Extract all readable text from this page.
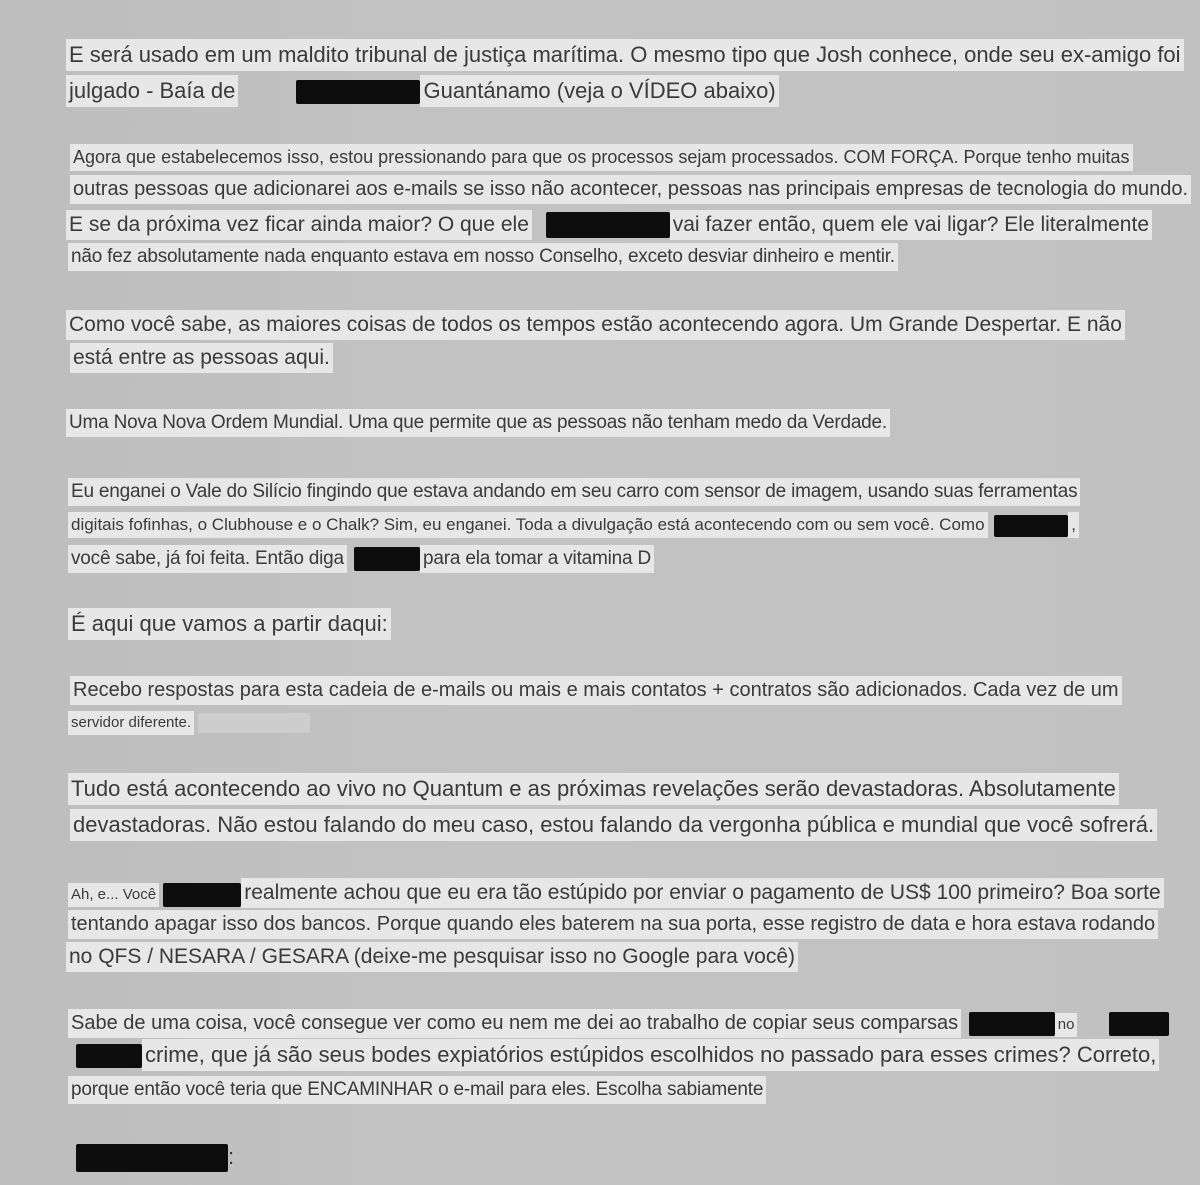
E será usado em um maldito tribunal de justiça marítima. O mesmo tipo que Josh conhece, onde seu ex-amigo foi
julgado - Baía de	Guantánamo (veja o VÍDEO abaixo)
Agora que estabelecemos isso, estou pressionando para que os processos sejam processados. COM FORÇA. Porque tenho muitas
outras pessoas que adicionarei aos e-mails se isso não acontecer, pessoas nas principais empresas de tecnologia do mundo.
E se da próxima vez ficar ainda maior? O que ele	vai fazer então, quem ele vai ligar? Ele literalmente
não fez absolutamente nada enquanto estava em nosso Conselho, exceto desviar dinheiro e mentir.
Como você sabe, as maiores coisas de todos os tempos estão acontecendo agora. Um Grande Despertar. E não
está entre as pessoas aqui.
Uma Nova Nova Ordem Mundial. Uma que permite que as pessoas não tenham medo da Verdade.
Eu enganei o Vale do Silício fingindo que estava andando em seu carro com sensor de imagem, usando suas ferramentas
digitais fofinhas, o Clubhouse e o Chalk? Sim, eu enganei. Toda a divulgação está acontecendo com ou sem você. Como	,
você sabe, já foi feita. Então diga	para ela tomar a vitamina D
É aqui que vamos a partir daqui:
Recebo respostas para esta cadeia de e-mails ou mais e mais contatos + contratos são adicionados. Cada vez de um
servidor diferente.
Tudo está acontecendo ao vivo no Quantum e as próximas revelações serão devastadoras. Absolutamente
devastadoras. Não estou falando do meu caso, estou falando da vergonha pública e mundial que você sofrerá.
Ah, e... Você	realmente achou que eu era tão estúpido por enviar o pagamento de US$ 100 primeiro? Boa sorte
tentando apagar isso dos bancos. Porque quando eles baterem na sua porta, esse registro de data e hora estava rodando
no QFS / NESARA / GESARA (deixe-me pesquisar isso no Google para você)
Sabe de uma coisa, você consegue ver como eu nem me dei ao trabalho de copiar seus comparsas	no
crime, que já são seus bodes expiatórios estúpidos escolhidos no passado para esses crimes? Correto,
porque então você teria que ENCAMINHAR o e-mail para eles. Escolha sabiamente
:
